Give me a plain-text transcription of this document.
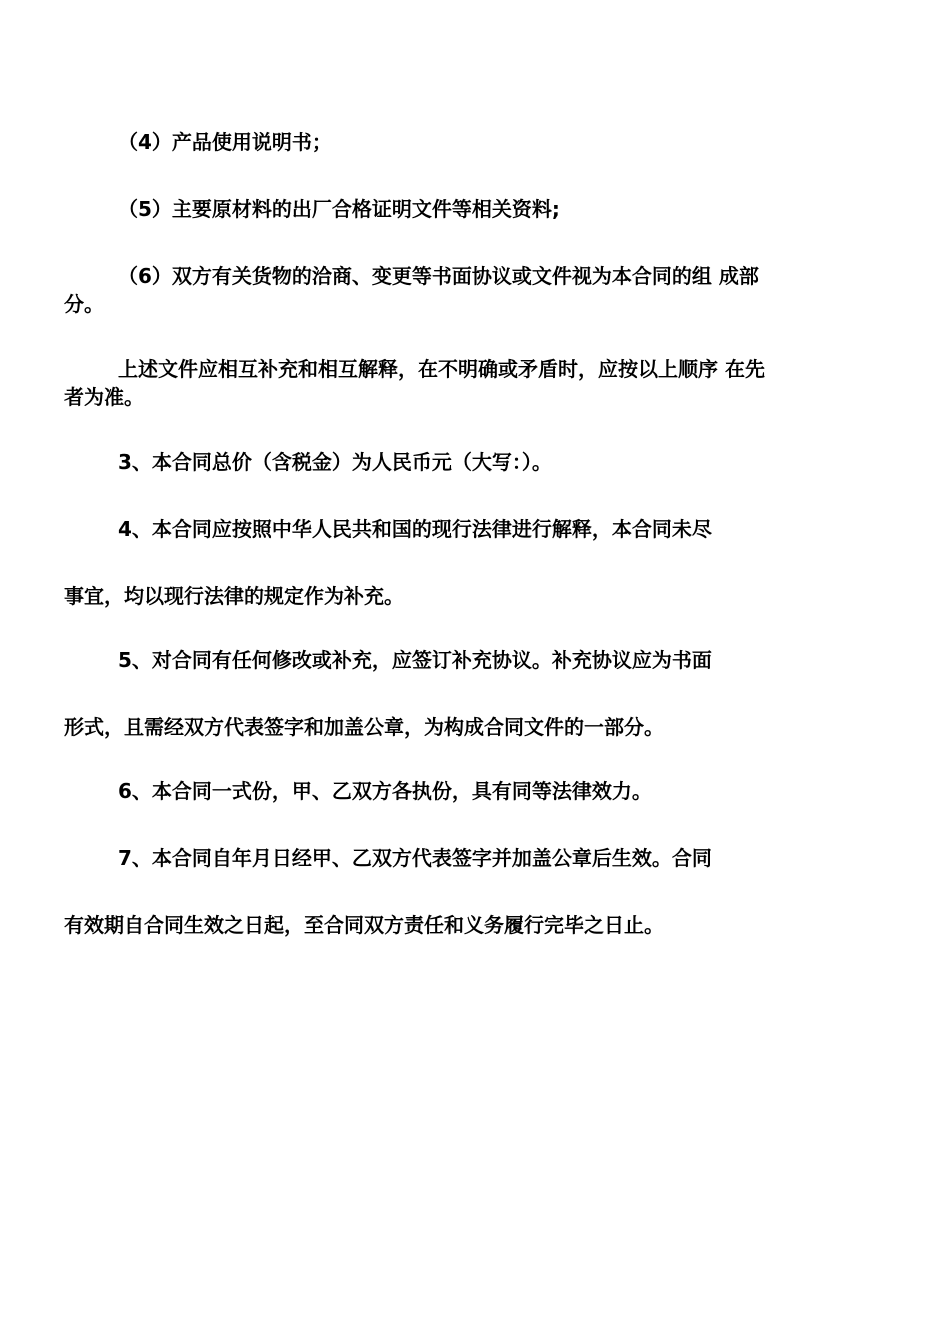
（4）产品使用说明书；

（5）主要原材料的出厂合格证明文件等相关资料;

（6）双方有关货物的洽商、变更等书面协议或文件视为本合同的组 成部

分。

上述文件应相互补充和相互解释，在不明确或矛盾时，应按以上顺序 在先

者为准。

3、本合同总价（含税金）为人民币元（大写：）。

4、本合同应按照中华人民共和国的现行法律进行解释，本合同未尽

事宜，均以现行法律的规定作为补充。

5、对合同有任何修改或补充，应签订补充协议。补充协议应为书面

形式，且需经双方代表签字和加盖公章，为构成合同文件的一部分。

6、本合同一式份，甲、乙双方各执份，具有同等法律效力。

7、本合同自年月日经甲、乙双方代表签字并加盖公章后生效。合同

有效期自合同生效之日起，至合同双方责任和义务履行完毕之日止。
